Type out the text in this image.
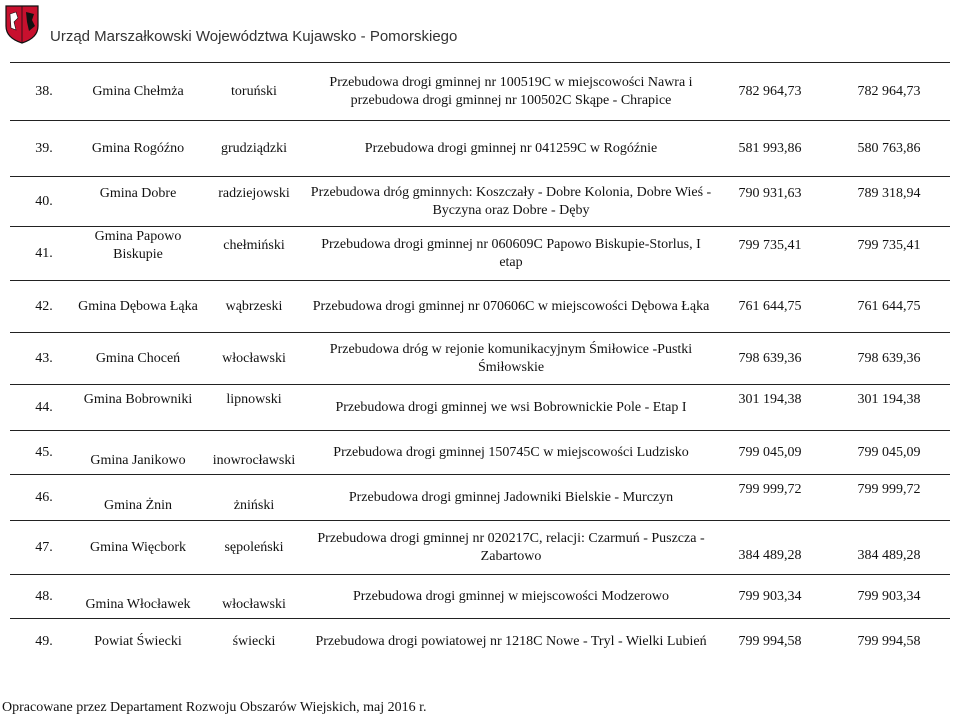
Urząd Marszałkowski Województwa Kujawsko - Pomorskiego
38.	Gmina Chełmża	toruński	Przebudowa drogi gminnej nr 100519C w miejscowości Nawra i przebudowa drogi gminnej nr 100502C Skąpe - Chrapice	782 964,73	782 964,73
39.	Gmina Rogóźno	grudziądzki	Przebudowa drogi gminnej nr 041259C w Rogóźnie	581 993,86	580 763,86
40.	Gmina Dobre	radziejowski	Przebudowa dróg gminnych: Koszczały - Dobre Kolonia, Dobre Wieś - Byczyna oraz Dobre - Dęby	790 931,63	789 318,94

41.	Gmina Papowo Biskupie	chełmiński	Przebudowa drogi gminnej nr 060609C Papowo Biskupie-Storlus, I etap	799 735,41	799 735,41

42.	Gmina Dębowa Łąka	wąbrzeski	Przebudowa drogi gminnej nr 070606C w miejscowości Dębowa Łąka	761 644,75	761 644,75
43.	Gmina Choceń	włocławski	Przebudowa dróg w rejonie komunikacyjnym Śmiłowice -Pustki Śmiłowskie	798 639,36	798 639,36
44.	Gmina Bobrowniki	lipnowski	Przebudowa drogi gminnej we wsi Bobrownickie Pole - Etap I	301 194,38	301 194,38

45.	Gmina Janikowo	inowrocławski	Przebudowa drogi gminnej 150745C w miejscowości Ludzisko	799 045,09	799 045,09
46.	Gmina Żnin	żniński	Przebudowa drogi gminnej Jadowniki Bielskie - Murczyn	799 999,72	799 999,72

47.	Gmina Więcbork	sępoleński	Przebudowa drogi gminnej nr 020217C, relacji: Czarmuń - Puszcza - Zabartowo	384 489,28	384 489,28

48.	Gmina Włocławek	włocławski	Przebudowa drogi gminnej w miejscowości Modzerowo	799 903,34	799 903,34
49.	Powiat Świecki	świecki	Przebudowa drogi powiatowej nr 1218C Nowe - Tryl - Wielki Lubień	799 994,58	799 994,58
Opracowane przez Departament Rozwoju Obszarów Wiejskich, maj 2016 r.
